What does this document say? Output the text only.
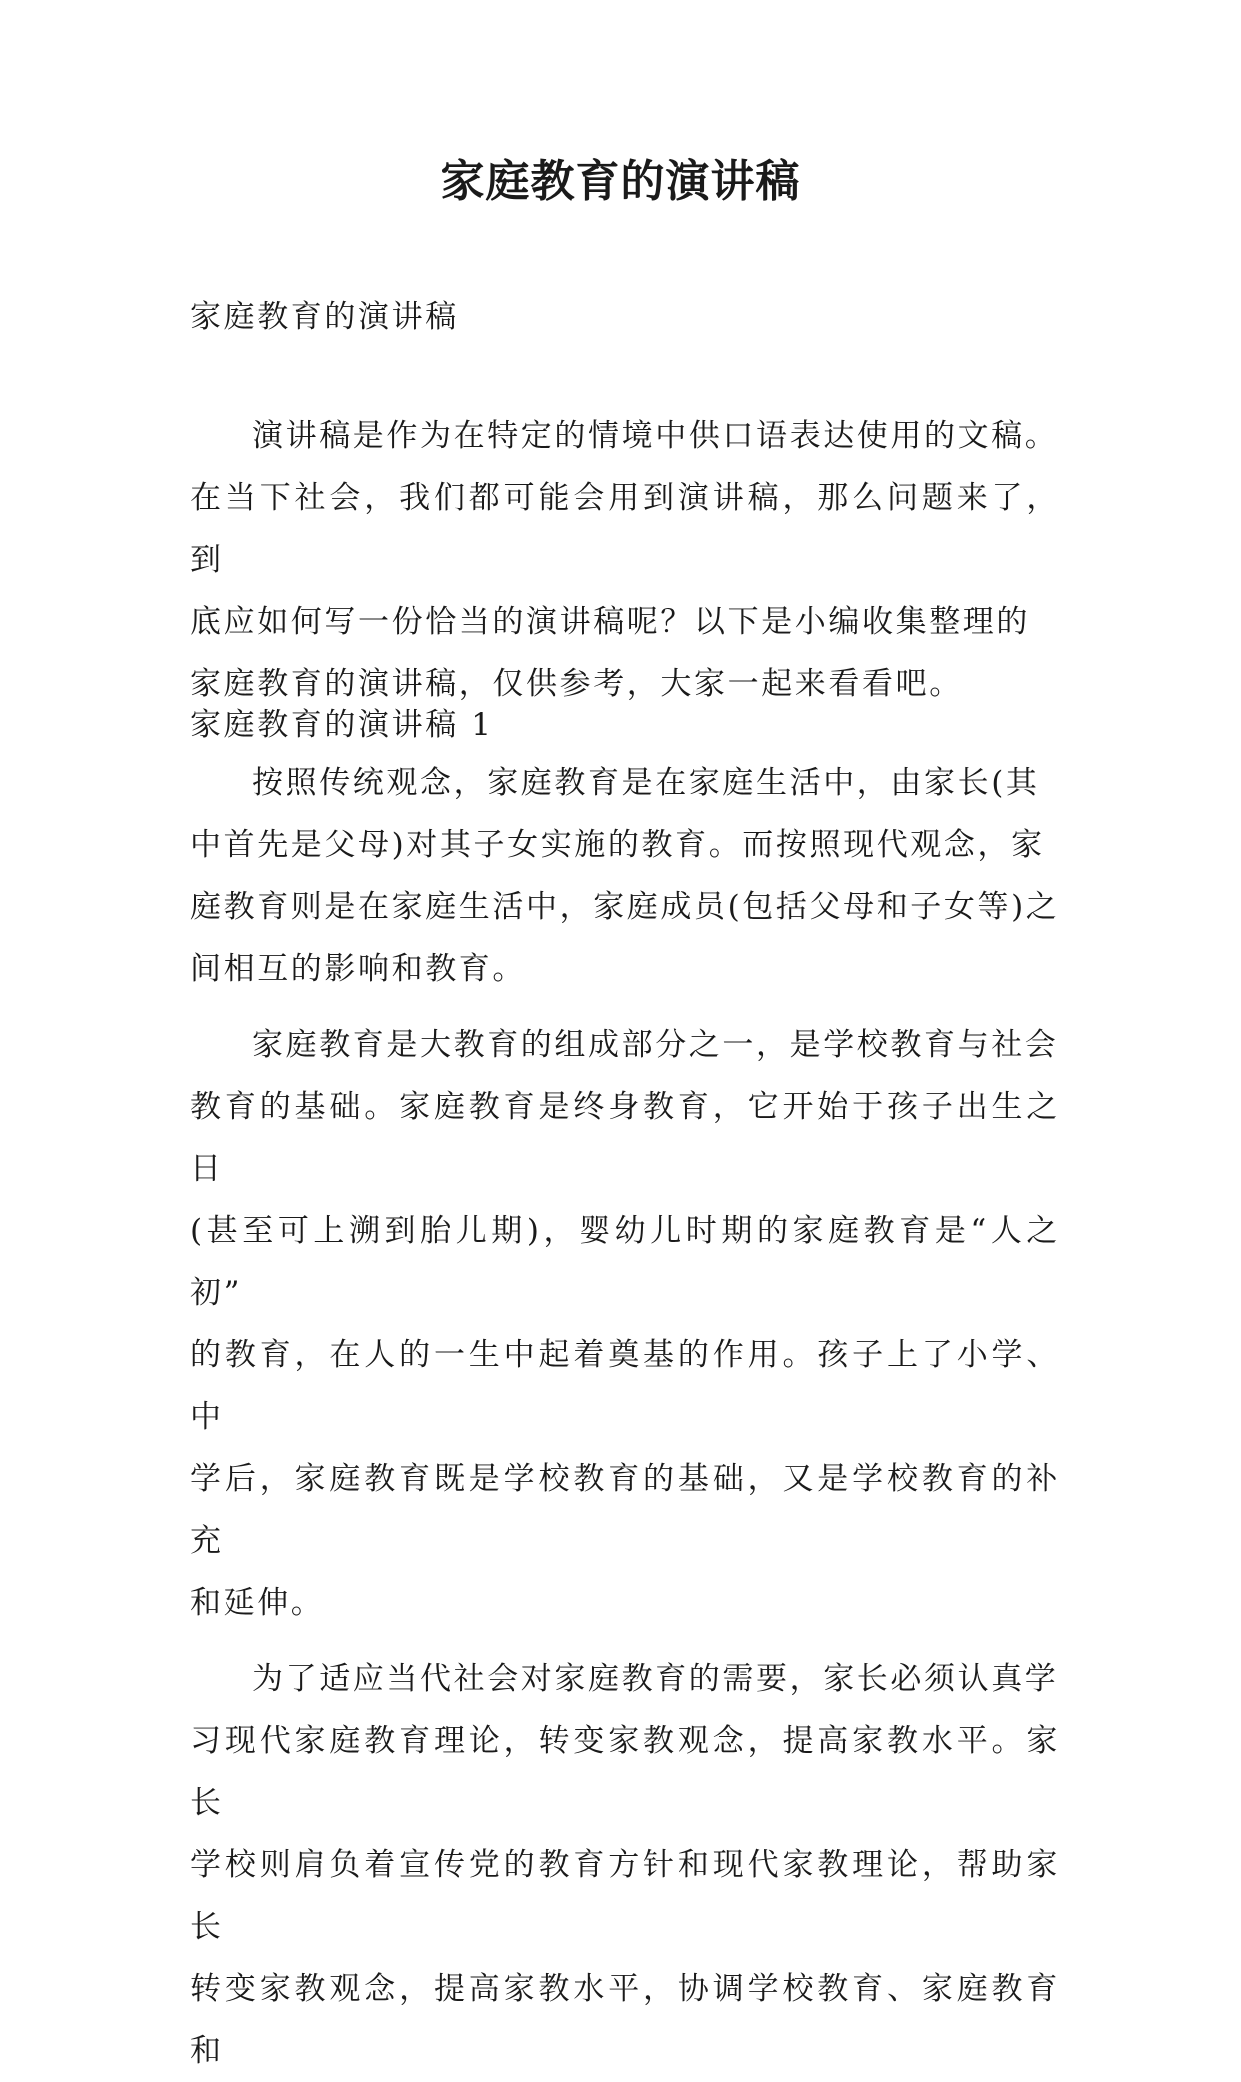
家庭教育的演讲稿
家庭教育的演讲稿

演讲稿是作为在特定的情境中供口语表达使用的文稿。
在当下社会，我们都可能会用到演讲稿，那么问题来了，到
底应如何写一份恰当的演讲稿呢？以下是小编收集整理的
家庭教育的演讲稿，仅供参考，大家一起来看看吧。

家庭教育的演讲稿 1

按照传统观念，家庭教育是在家庭生活中，由家长(其
中首先是父母)对其子女实施的教育。而按照现代观念，家
庭教育则是在家庭生活中，家庭成员(包括父母和子女等)之
间相互的影响和教育。

家庭教育是大教育的组成部分之一，是学校教育与社会
教育的基础。家庭教育是终身教育，它开始于孩子出生之日
(甚至可上溯到胎儿期)，婴幼儿时期的家庭教育是“人之初”
的教育，在人的一生中起着奠基的作用。孩子上了小学、中
学后，家庭教育既是学校教育的基础，又是学校教育的补充
和延伸。

为了适应当代社会对家庭教育的需要，家长必须认真学
习现代家庭教育理论，转变家教观念，提高家教水平。家长
学校则肩负着宣传党的教育方针和现代家教理论，帮助家长
转变家教观念，提高家教水平，协调学校教育、家庭教育和
